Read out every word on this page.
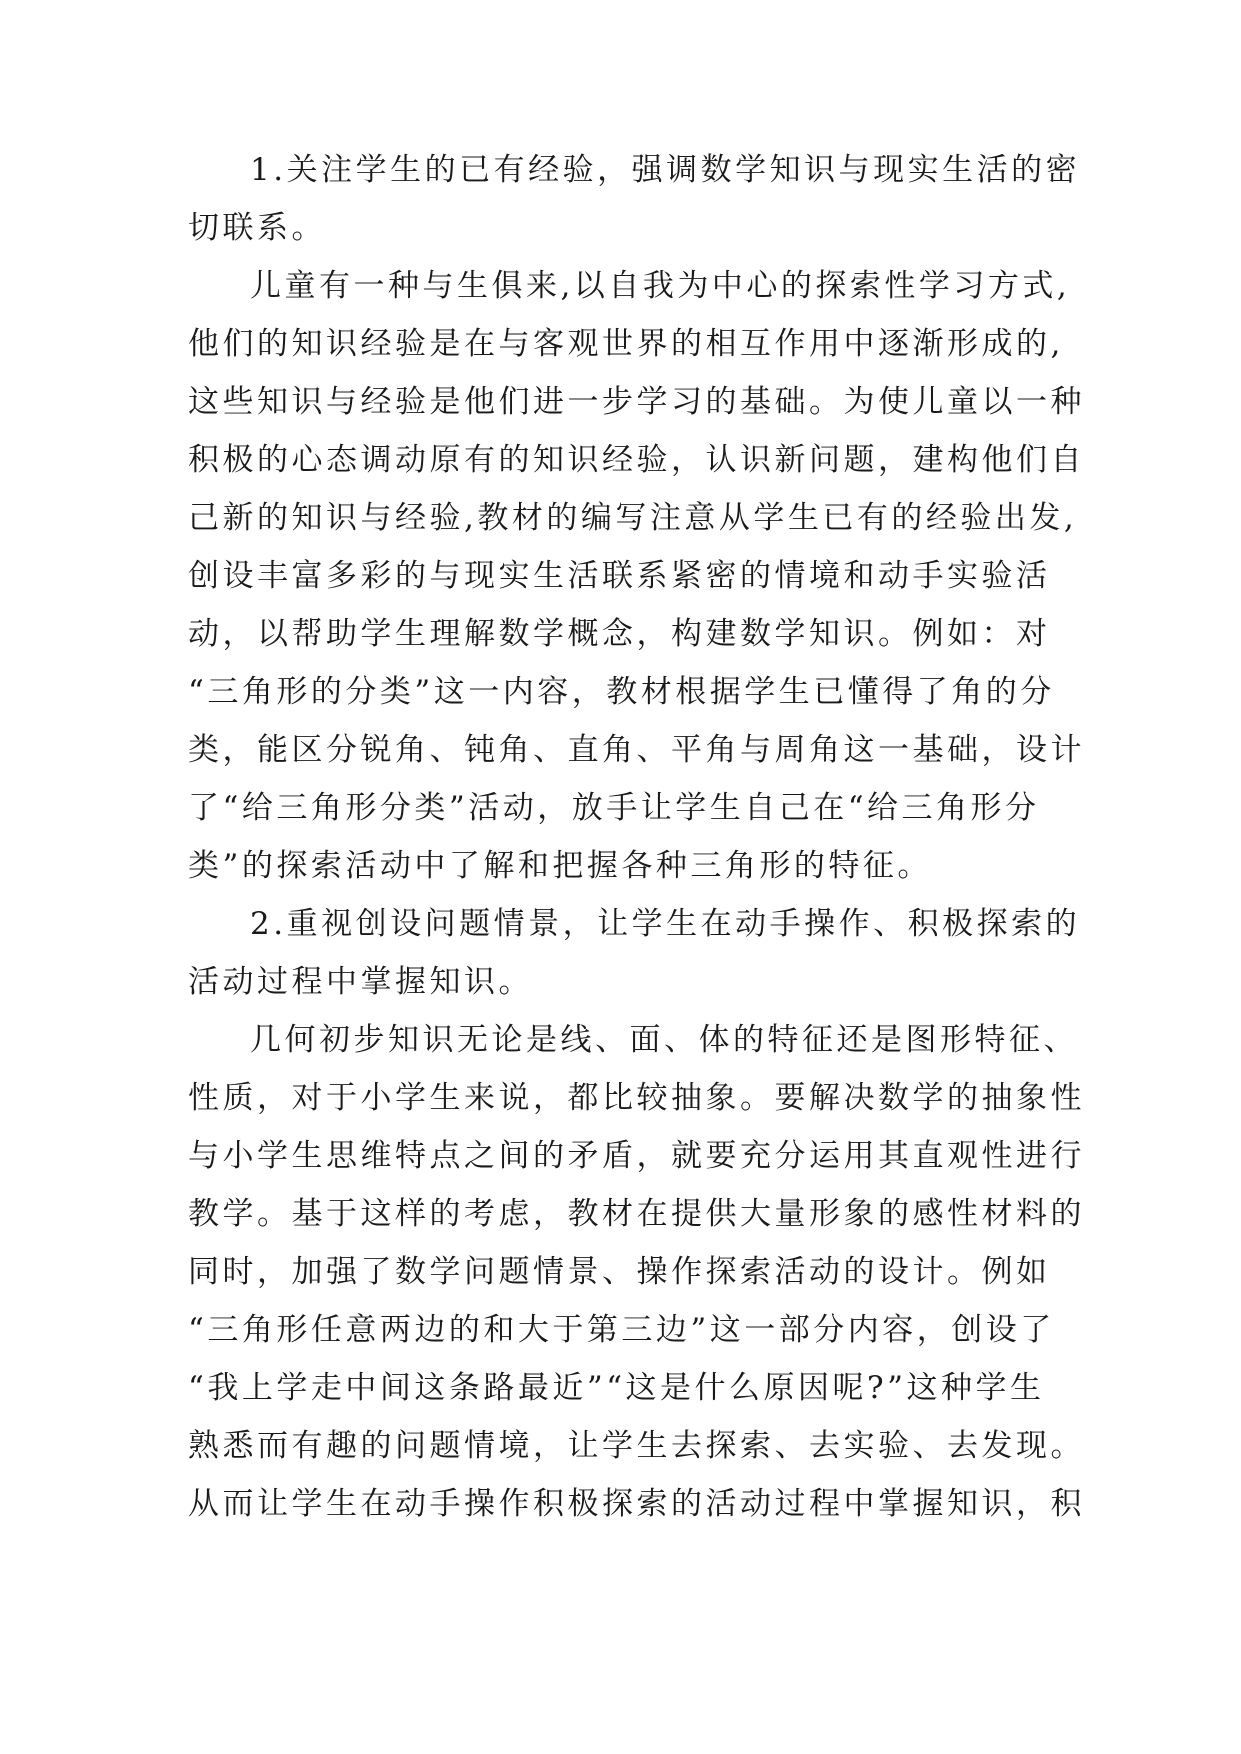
1.关注学生的已有经验，强调数学知识与现实生活的密
切联系。
儿童有一种与生俱来,以自我为中心的探索性学习方式,
他们的知识经验是在与客观世界的相互作用中逐渐形成的,
这些知识与经验是他们进一步学习的基础。为使儿童以一种
积极的心态调动原有的知识经验，认识新问题，建构他们自
己新的知识与经验,教材的编写注意从学生已有的经验出发,
创设丰富多彩的与现实生活联系紧密的情境和动手实验活
动，以帮助学生理解数学概念，构建数学知识。例如：对
“三角形的分类”这一内容，教材根据学生已懂得了角的分
类，能区分锐角、钝角、直角、平角与周角这一基础，设计
了“给三角形分类”活动，放手让学生自己在“给三角形分
类”的探索活动中了解和把握各种三角形的特征。
2.重视创设问题情景，让学生在动手操作、积极探索的
活动过程中掌握知识。
几何初步知识无论是线、面、体的特征还是图形特征、
性质，对于小学生来说，都比较抽象。要解决数学的抽象性
与小学生思维特点之间的矛盾，就要充分运用其直观性进行
教学。基于这样的考虑，教材在提供大量形象的感性材料的
同时，加强了数学问题情景、操作探索活动的设计。例如
“三角形任意两边的和大于第三边”这一部分内容，创设了
“我上学走中间这条路最近”“这是什么原因呢?”这种学生
熟悉而有趣的问题情境，让学生去探索、去实验、去发现。
从而让学生在动手操作积极探索的活动过程中掌握知识，积
